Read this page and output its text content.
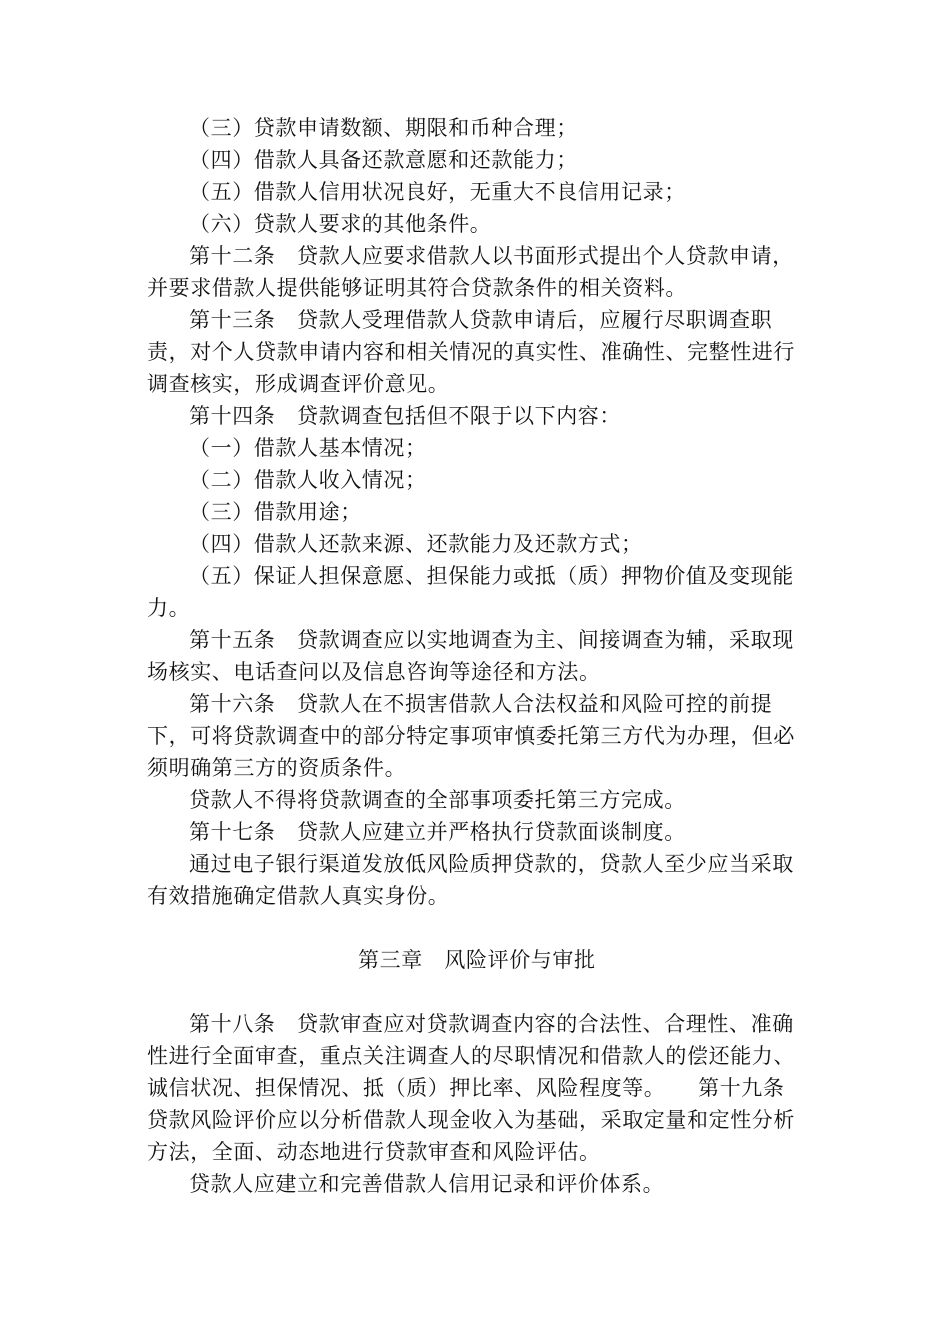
（三）贷款申请数额、期限和币种合理；　　
（四）借款人具备还款意愿和还款能力；　　
（五）借款人信用状况良好，无重大不良信用记录；　　
（六）贷款人要求的其他条件。　
第十二条　贷款人应要求借款人以书面形式提出个人贷款申请，
并要求借款人提供能够证明其符合贷款条件的相关资料。　　
第十三条　贷款人受理借款人贷款申请后，应履行尽职调查职
责，对个人贷款申请内容和相关情况的真实性、准确性、完整性进行
调查核实，形成调查评价意见。　　
第十四条　贷款调查包括但不限于以下内容：　　
（一）借款人基本情况；　　
（二）借款人收入情况；　　
（三）借款用途；　　
（四）借款人还款来源、还款能力及还款方式；　　
（五）保证人担保意愿、担保能力或抵（质）押物价值及变现能
力。　
第十五条　贷款调查应以实地调查为主、间接调查为辅，采取现
场核实、电话查问以及信息咨询等途径和方法。　　
第十六条　贷款人在不损害借款人合法权益和风险可控的前提
下，可将贷款调查中的部分特定事项审慎委托第三方代为办理，但必
须明确第三方的资质条件。　　
贷款人不得将贷款调查的全部事项委托第三方完成。　　
第十七条　贷款人应建立并严格执行贷款面谈制度。　　
通过电子银行渠道发放低风险质押贷款的，贷款人至少应当采取
有效措施确定借款人真实身份。　　
第三章　风险评价与审批　
第十八条　贷款审查应对贷款调查内容的合法性、合理性、准确
性进行全面审查，重点关注调查人的尽职情况和借款人的偿还能力、
诚信状况、担保情况、抵（质）押比率、风险程度等。　　第十九条　
贷款风险评价应以分析借款人现金收入为基础，采取定量和定性分析
方法，全面、动态地进行贷款审查和风险评估。
贷款人应建立和完善借款人信用记录和评价体系。　　
